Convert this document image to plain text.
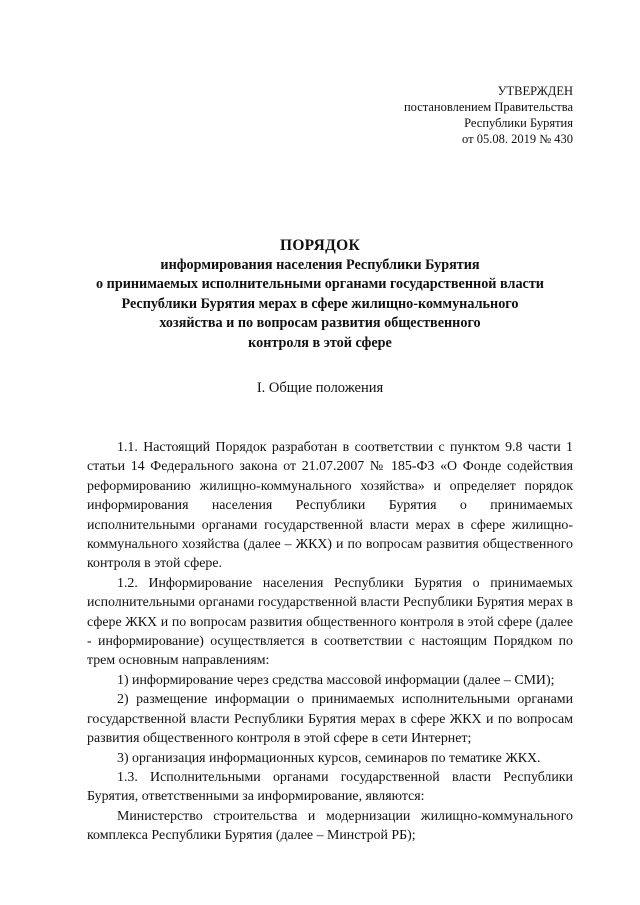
УТВЕРЖДЕН
постановлением Правительства
Республики Бурятия
от 05.08. 2019 № 430
ПОРЯДОК
информирования населения Республики Бурятия
о принимаемых исполнительными органами государственной власти
Республики Бурятия мерах в сфере жилищно-коммунального
хозяйства и по вопросам развития общественного
контроля в этой сфере
I. Общие положения

1.1. Настоящий Порядок разработан в соответствии с пунктом 9.8 части 1 статьи 14 Федерального закона от 21.07.2007 № 185-ФЗ «О Фонде содействия реформированию жилищно-коммунального хозяйства» и определяет порядок информирования населения Республики Бурятия о принимаемых исполнительными органами государственной власти мерах в сфере жилищно-коммунального хозяйства (далее – ЖКХ) и по вопросам развития общественного контроля в этой сфере.

1.2. Информирование населения Республики Бурятия о принимаемых исполнительными органами государственной власти Республики Бурятия мерах в сфере ЖКХ и по вопросам развития общественного контроля в этой сфере (далее - информирование) осуществляется в соответствии с настоящим Порядком по трем основным направлениям:

1) информирование через средства массовой информации (далее – СМИ);

2) размещение информации о принимаемых исполнительными органами государственной власти Республики Бурятия мерах в сфере ЖКХ и по вопросам развития общественного контроля в этой сфере в сети Интернет;

3) организация информационных курсов, семинаров по тематике ЖКХ.

1.3. Исполнительными органами государственной власти Республики Бурятия, ответственными за информирование, являются:

Министерство строительства и модернизации жилищно-коммунального комплекса Республики Бурятия (далее – Минстрой РБ);
